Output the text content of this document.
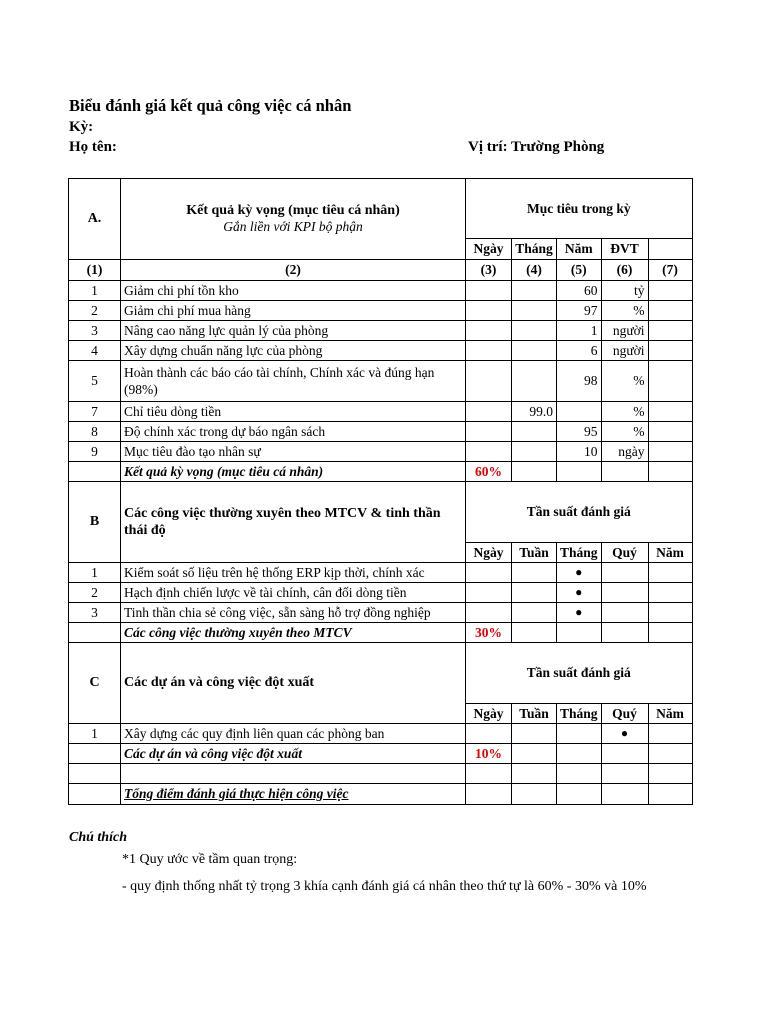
Biểu đánh giá kết quả công việc cá nhân
Kỳ:
Họ tên:	Vị trí: Trường Phòng
A.	Kết quả kỳ vọng (mục tiêu cá nhân)
Gắn liền với KPI bộ phận	Mục tiêu trong kỳ				
		Ngày	Tháng	Năm	ĐVT	
(1)	(2)	(3)	(4)	(5)	(6)	(7)
1	Giảm chi phí tồn kho			60	tỷ	
2	Giảm chi phí mua hàng			97	%	
3	Nâng cao năng lực quản lý của phòng			1	người	
4	Xây dựng chuẩn năng lực của phòng			6	người	
5	Hoàn thành các báo cáo tài chính, Chính xác và đúng hạn (98%)			98	%	
7	Chỉ tiêu dòng tiền		99.0		%	
8	Độ chính xác trong dự báo ngân sách			95	%	
9	Mục tiêu đào tạo nhân sự			10	ngày	
	Kết quả kỳ vọng (mục tiêu cá nhân)	60%				
B	Các công việc thường xuyên theo MTCV & tinh thần thái độ	Tần suất đánh giá				
		Ngày	Tuần	Tháng	Quý	Năm
1	Kiểm soát số liệu trên hệ thống ERP kịp thời, chính xác			●		
2	Hạch định chiến lược về tài chính, cân đối dòng tiền			●		
3	Tinh thần chia sẻ công việc, sẵn sàng hỗ trợ đồng nghiệp			●		
	Các công việc thường xuyên theo MTCV	30%				
C	Các dự án và công việc đột xuất	Tần suất đánh giá				
		Ngày	Tuần	Tháng	Quý	Năm
1	Xây dựng các quy định liên quan các phòng ban				●	
	Các dự án và công việc đột xuất	10%				

	Tổng điểm đánh giá thực hiện công việc					
Chú thích
*1 Quy ước về tầm quan trọng:
- quy định thống nhất tỷ trọng 3 khía cạnh đánh giá cá nhân theo thứ tự là 60% - 30% và 10%
